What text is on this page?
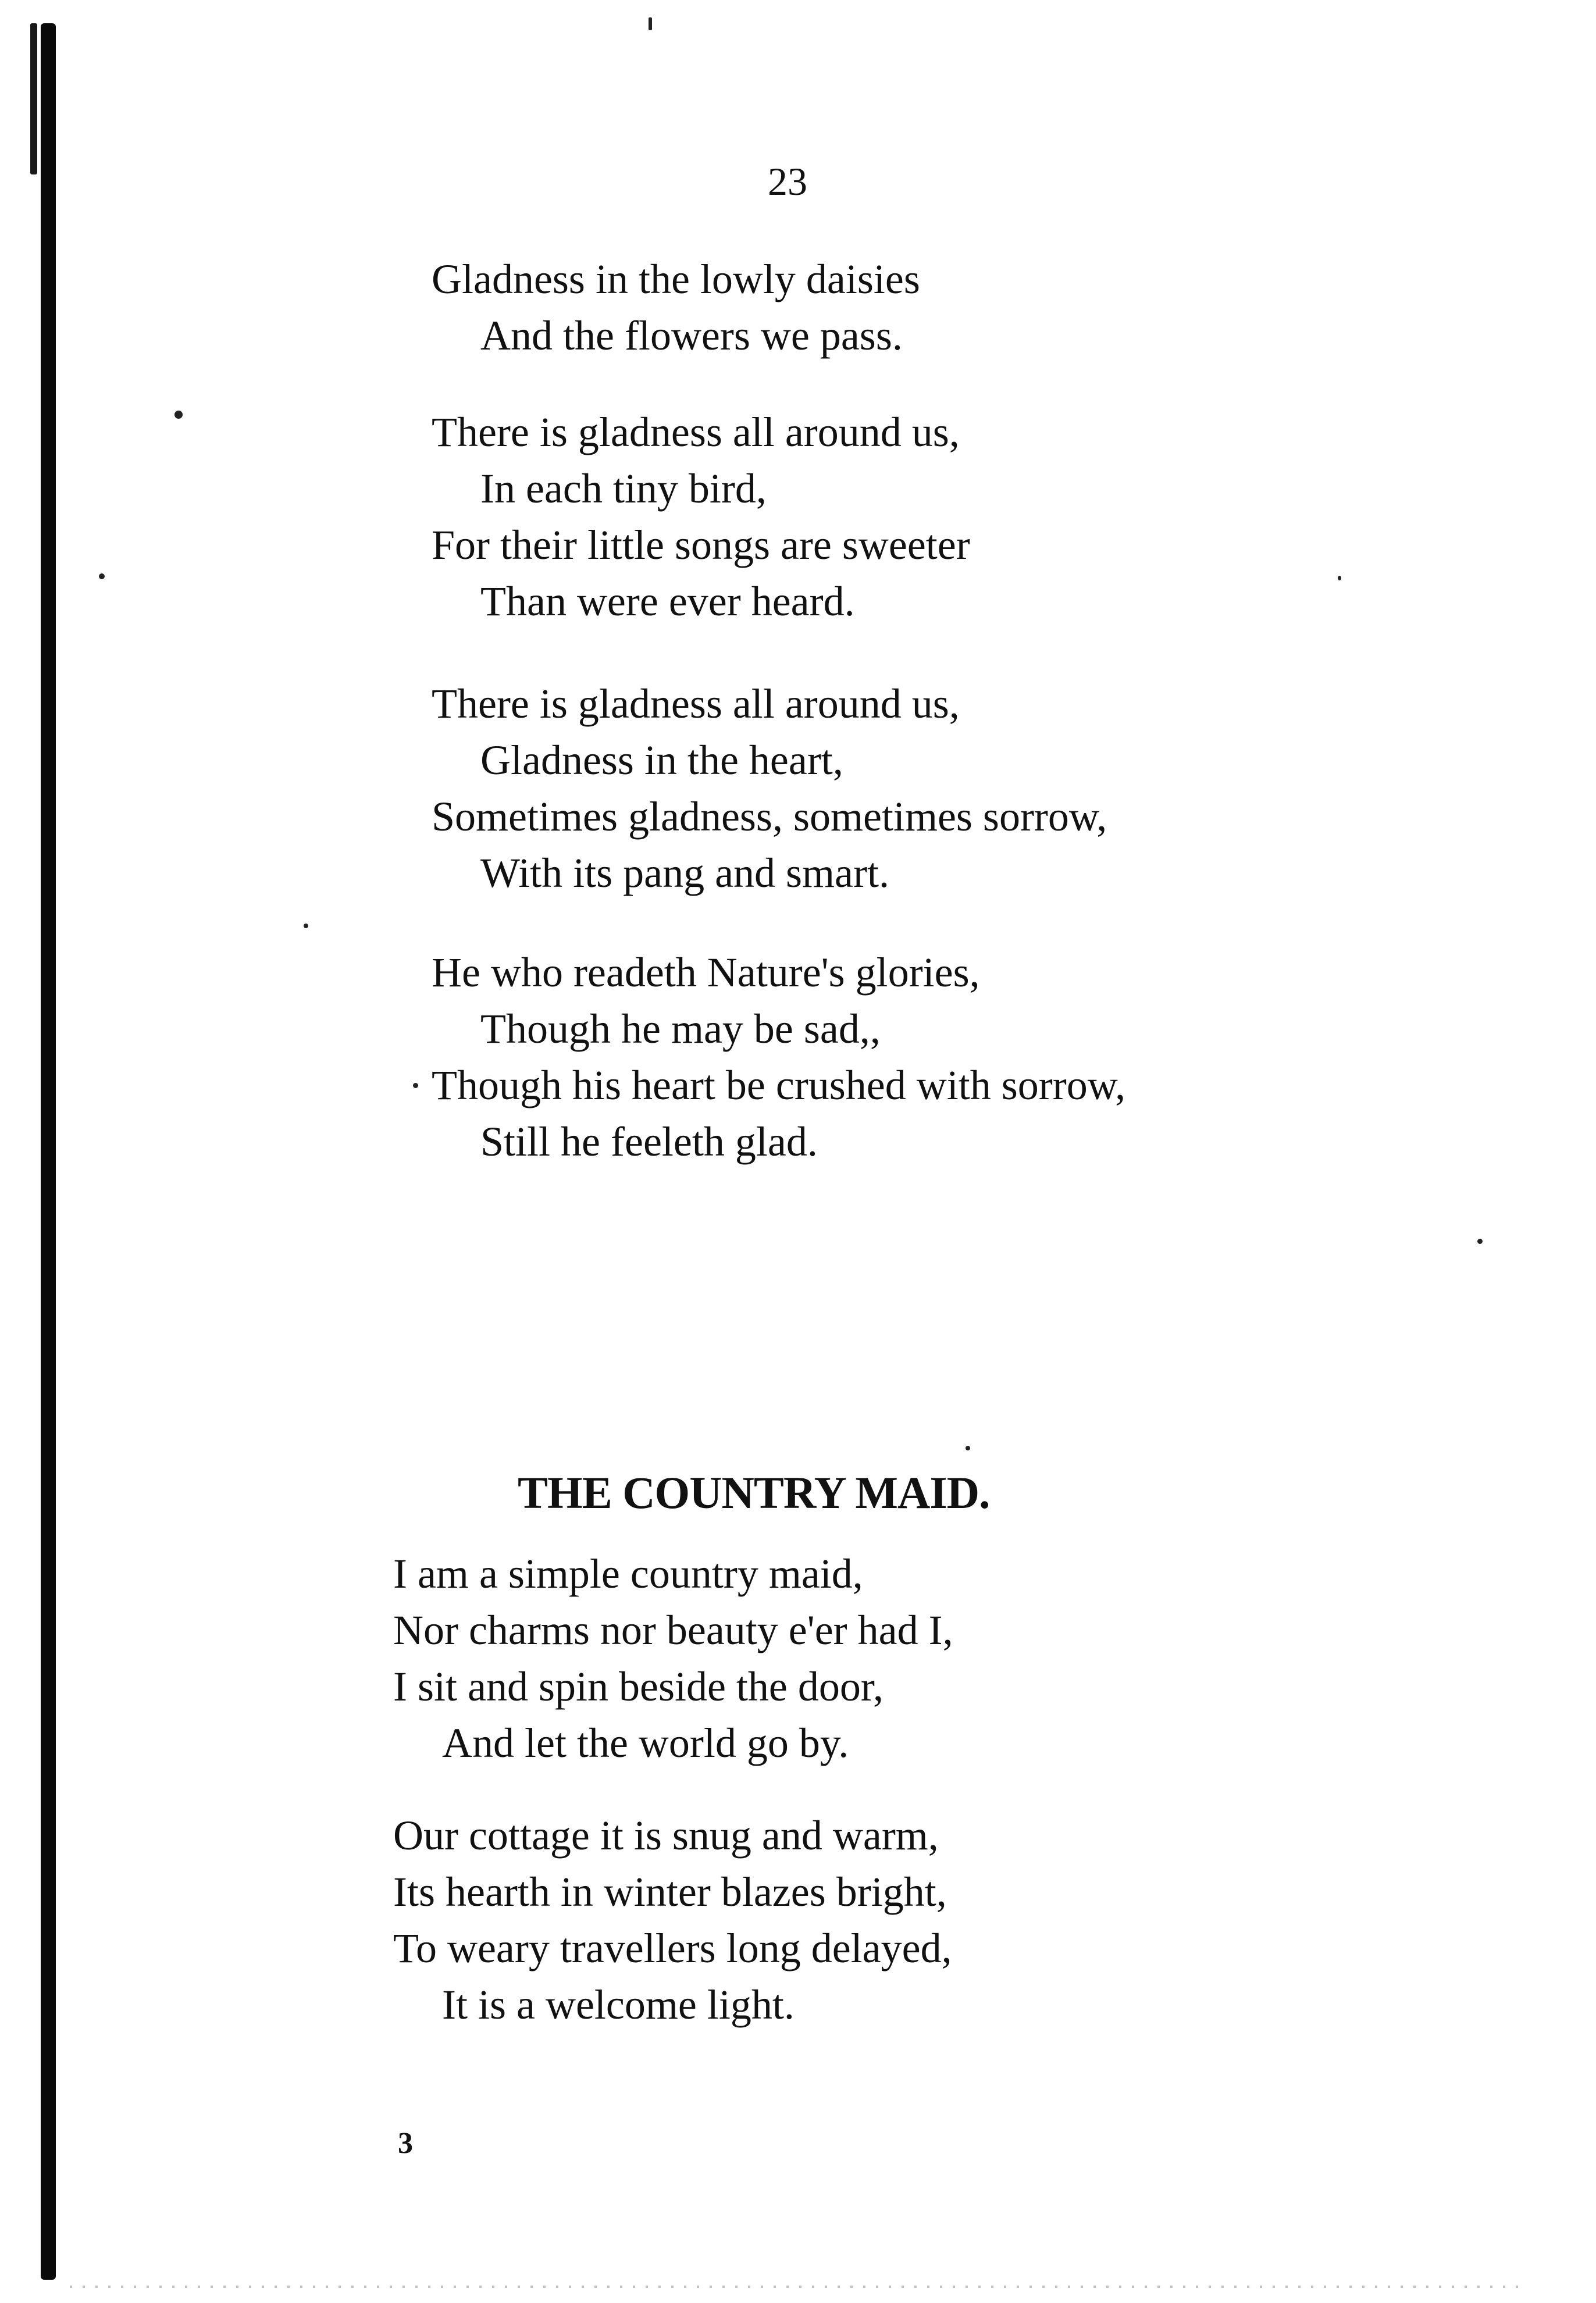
23
Gladness in the lowly daisies
And the flowers we pass.
There is gladness all around us,
In each tiny bird,
For their little songs are sweeter
Than were ever heard.
There is gladness all around us,
Gladness in the heart,
Sometimes gladness, sometimes sorrow,
With its pang and smart.
He who readeth Nature's glories,
Though he may be sad,,
Though his heart be crushed with sorrow,
Still he feeleth glad.
THE COUNTRY MAID.
I am a simple country maid,
Nor charms nor beauty e'er had I,
I sit and spin beside the door,
And let the world go by.
Our cottage it is snug and warm,
Its hearth in winter blazes bright,
To weary travellers long delayed,
It is a welcome light.
3
